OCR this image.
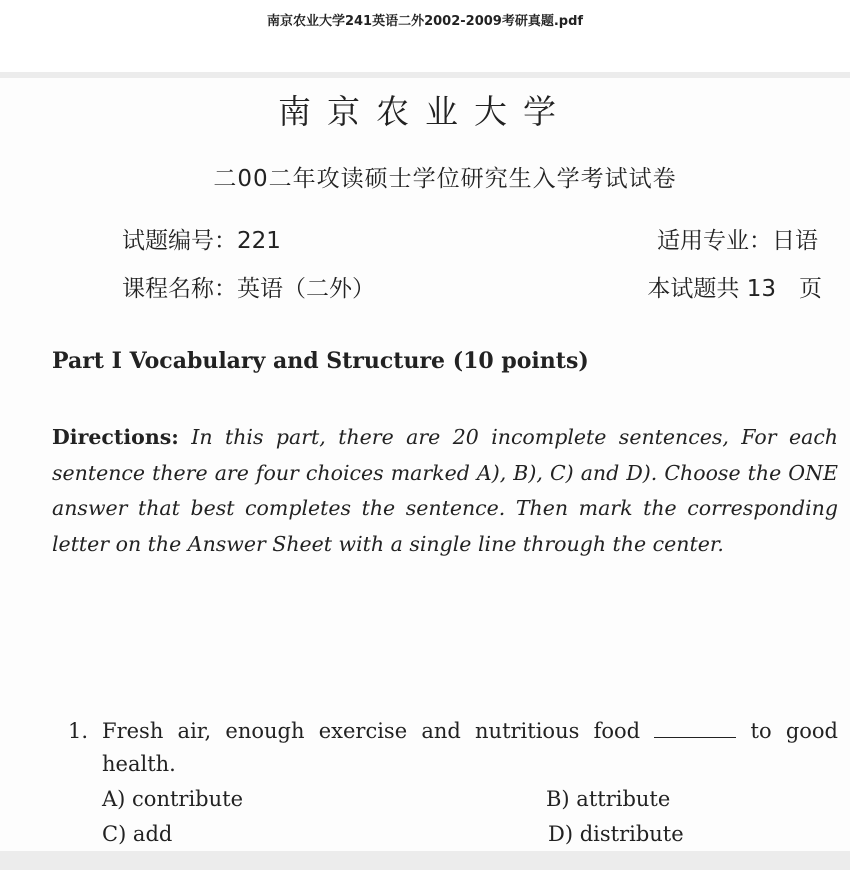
南京农业大学241英语二外2002-2009考研真题.pdf
南京农业大学
二00二年攻读硕士学位研究生入学考试试卷
试题编号：221	适用专业：日语
课程名称：英语（二外）	本试题共 13　页
Part I Vocabulary and Structure (10 points)
Directions: In this part, there are 20 incomplete sentences, For each sentence there are four choices marked A), B), C) and D). Choose the ONE answer that best completes the sentence. Then mark the corresponding letter on the Answer Sheet with a single line through the center.
1. Fresh air, enough exercise and nutritious food	to good
health.
A) contribute	B) attribute
C) add	D) distribute
